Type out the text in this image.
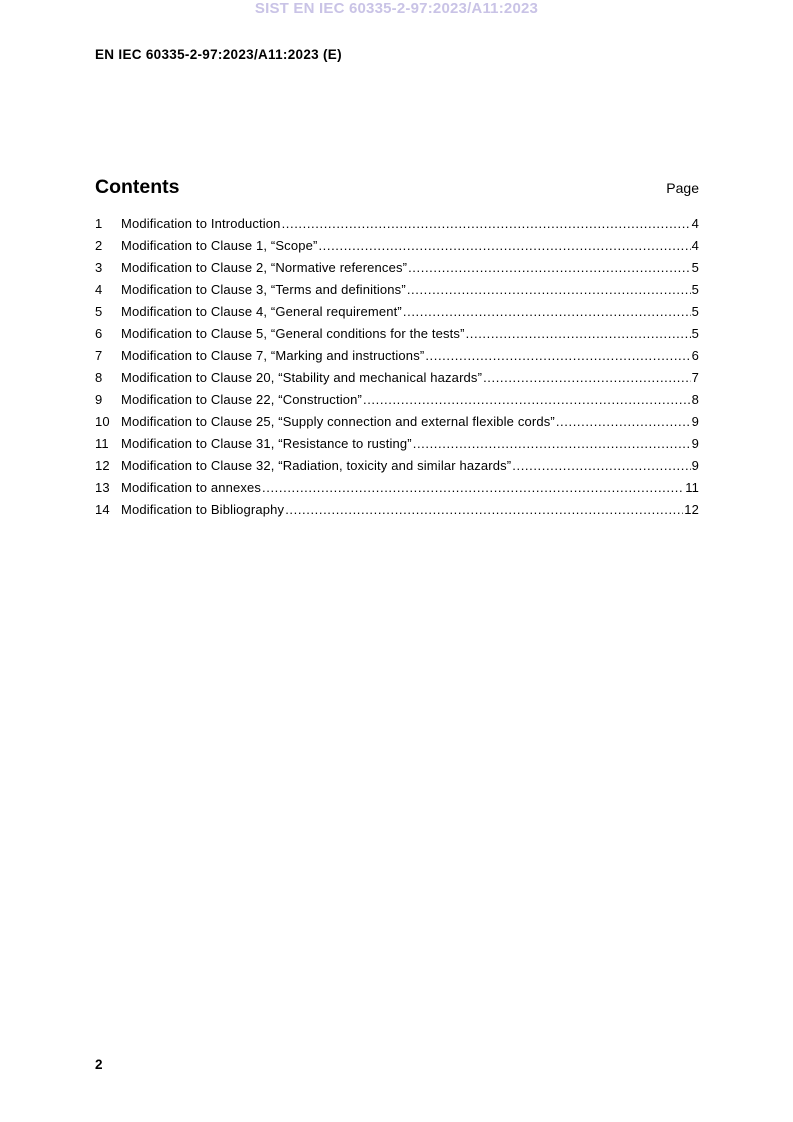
SIST EN IEC 60335-2-97:2023/A11:2023
EN IEC 60335-2-97:2023/A11:2023 (E)
Contents	Page
1	Modification to Introduction .....	4
2	Modification to Clause 1, “Scope” .....	4
3	Modification to Clause 2, “Normative references” .....	5
4	Modification to Clause 3, “Terms and definitions” .....	5
5	Modification to Clause 4, “General requirement” .....	5
6	Modification to Clause 5, “General conditions for the tests” .....	5
7	Modification to Clause 7, “Marking and instructions” .....	6
8	Modification to Clause 20, “Stability and mechanical hazards” .....	7
9	Modification to Clause 22, “Construction” .....	8
10 Modification to Clause 25, “Supply connection and external flexible cords” .....	9
11 Modification to Clause 31, “Resistance to rusting” .....	9
12 Modification to Clause 32, “Radiation, toxicity and similar hazards” .....	9
13 Modification to annexes .....	11
14 Modification to Bibliography .....	12
2
